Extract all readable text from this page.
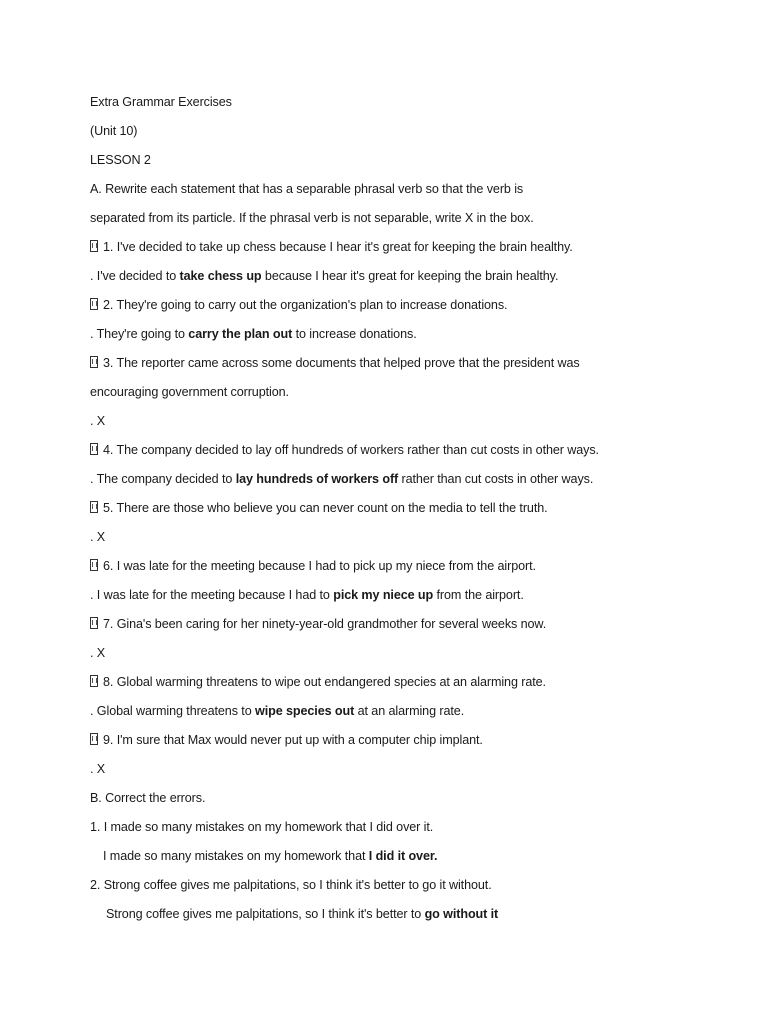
Extra Grammar Exercises
(Unit 10)
LESSON 2
A. Rewrite each statement that has a separable phrasal verb so that the verb is
separated from its particle. If the phrasal verb is not separable, write X in the box.
1. I've decided to take up chess because I hear it's great for keeping the brain healthy.
. I've decided to take chess up because I hear it's great for keeping the brain healthy.
2. They're going to carry out the organization's plan to increase donations.
. They're going to carry the plan out to increase donations.
3. The reporter came across some documents that helped prove that the president was
encouraging government corruption.
. X
4. The company decided to lay off hundreds of workers rather than cut costs in other ways.
. The company decided to lay hundreds of workers off rather than cut costs in other ways.
5. There are those who believe you can never count on the media to tell the truth.
. X
6. I was late for the meeting because I had to pick up my niece from the airport.
. I was late for the meeting because I had to pick my niece up from the airport.
7. Gina's been caring for her ninety-year-old grandmother for several weeks now.
. X
8. Global warming threatens to wipe out endangered species at an alarming rate.
. Global warming threatens to wipe species out at an alarming rate.
9. I'm sure that Max would never put up with a computer chip implant.
. X
B. Correct the errors.
1. I made so many mistakes on my homework that I did over it.
I made so many mistakes on my homework that I did it over.
2. Strong coffee gives me palpitations, so I think it's better to go it without.
Strong coffee gives me palpitations, so I think it's better to go without it
